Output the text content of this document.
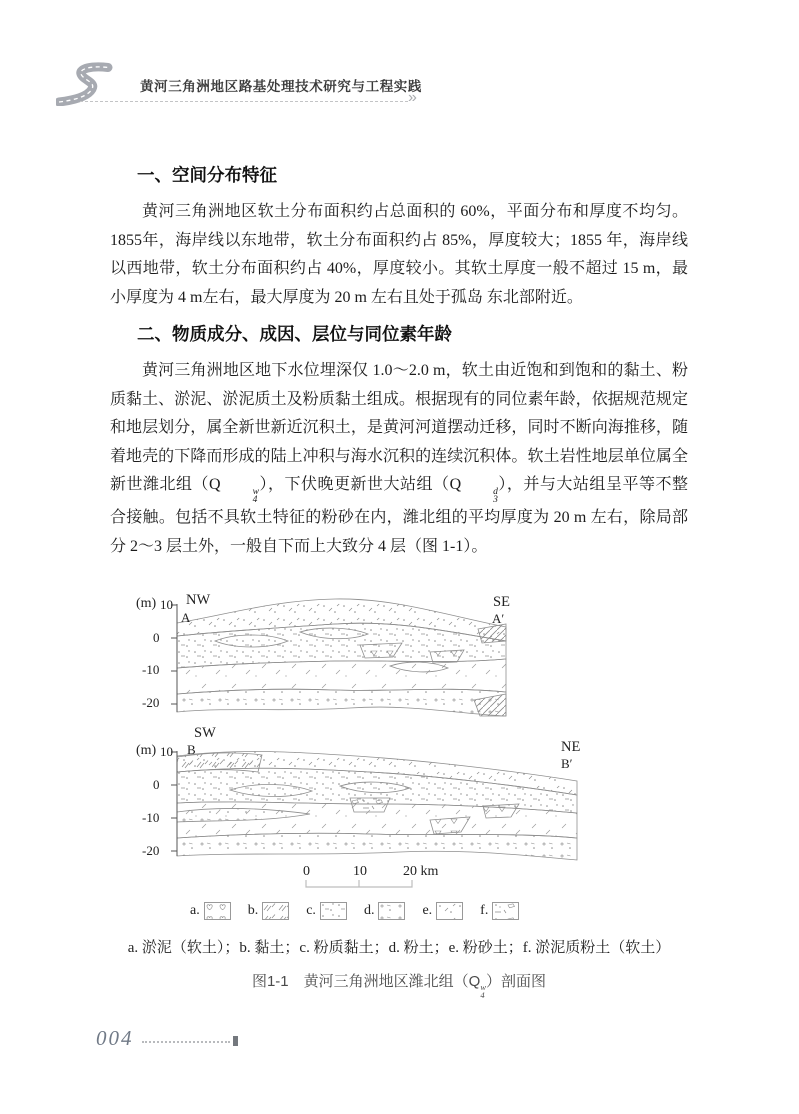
黄河三角洲地区路基处理技术研究与工程实践
»
一、空间分布特征

黄河三角洲地区软土分布面积约占总面积的 60%，平面分布和厚度不均匀。1855年，海岸线以东地带，软土分布面积约占 85%，厚度较大；1855 年，海岸线以西地带，软土分布面积约占 40%，厚度较小。其软土厚度一般不超过 15 m，最小厚度为 4 m左右，最大厚度为 20 m 左右且处于孤岛 东北部附近。

二、物质成分、成因、层位与同位素年龄

黄河三角洲地区地下水位埋深仅 1.0～2.0 m，软土由近饱和到饱和的黏土、粉质黏土、淤泥、淤泥质土及粉质黏土组成。根据现有的同位素年龄，依据规范规定和地层划分，属全新世新近沉积土，是黄河河道摆动迁移，同时不断向海推移，随着地壳的下降而形成的陆上冲积与海水沉积的连续沉积体。软土岩性地层单位属全新世潍北组（Q	w
4
），下伏晚更新世大站组（Q	d
3
），并与大站组呈平等不整合接触。包括不具软土特征的粉砂在内，潍北组的平均厚度为 20 m 左右，除局部分 2～3 层土外，一般自下而上大致分 4 层（图 1-1）。

(m) 10
0
-10
-20
NW
A
SE
A′
SW
B
(m) 10
0
-10
-20
NE
B′
0	10	20 km
a.	b.	c.	d.	e.	f.
a. 淤泥（软土）；b. 黏土；c. 粉质黏土；d. 粉土；e. 粉砂土；f. 淤泥质粉土（软土）
图1-1　黄河三角洲地区潍北组（Q w
4
）剖面图
004
